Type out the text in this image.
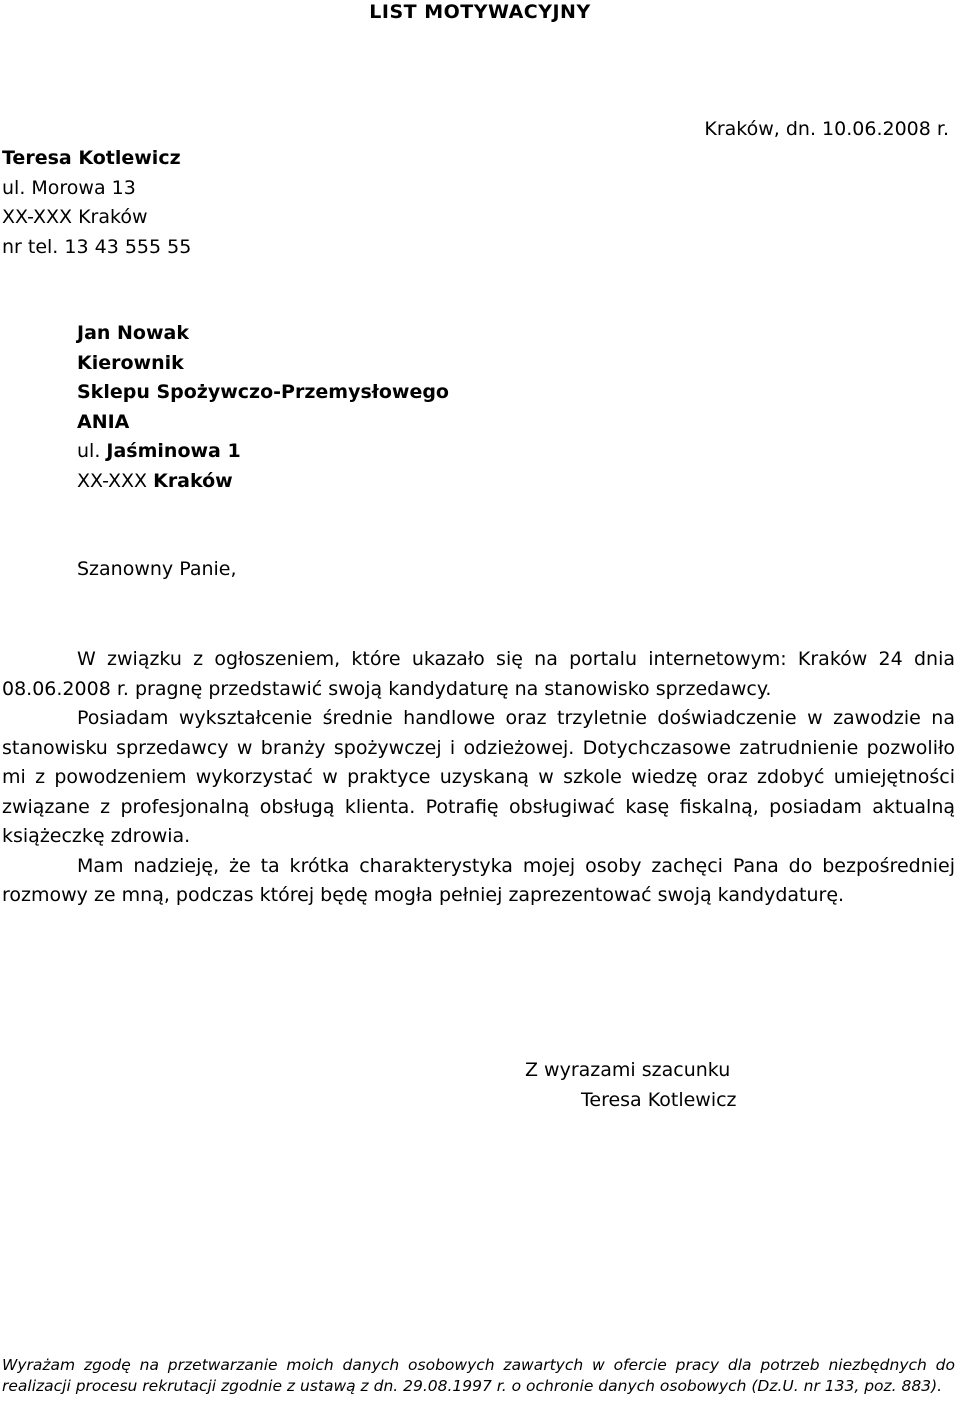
LIST MOTYWACYJNY
Kraków, dn. 10.06.2008 r.
Teresa Kotlewicz
ul. Morowa 13
XX-XXX Kraków
nr tel. 13 43 555 55
Jan Nowak
Kierownik
Sklepu Spożywczo-Przemysłowego
ANIA
ul. Jaśminowa 1
XX-XXX Kraków
Szanowny Panie,

W związku z ogłoszeniem, które ukazało się na portalu internetowym: Kraków 24 dnia 08.06.2008 r. pragnę przedstawić swoją kandydaturę na stanowisko sprzedawcy.

Posiadam wykształcenie średnie handlowe oraz trzyletnie doświadczenie w zawodzie na stanowisku sprzedawcy w branży spożywczej i odzieżowej. Dotychczasowe zatrudnienie pozwoliło mi z powodzeniem wykorzystać w praktyce uzyskaną w szkole wiedzę oraz zdobyć umiejętności związane z profesjonalną obsługą klienta. Potrafię obsługiwać kasę fiskalną, posiadam aktualną książeczkę zdrowia.

Mam nadzieję, że ta krótka charakterystyka mojej osoby zachęci Pana do bezpośredniej rozmowy ze mną, podczas której będę mogła pełniej zaprezentować swoją kandydaturę.

Z wyrazami szacunku
Teresa Kotlewicz
Wyrażam zgodę na przetwarzanie moich danych osobowych zawartych w ofercie pracy dla potrzeb niezbędnych do realizacji procesu rekrutacji zgodnie z ustawą z dn. 29.08.1997 r. o ochronie danych osobowych (Dz.U. nr 133, poz. 883).
